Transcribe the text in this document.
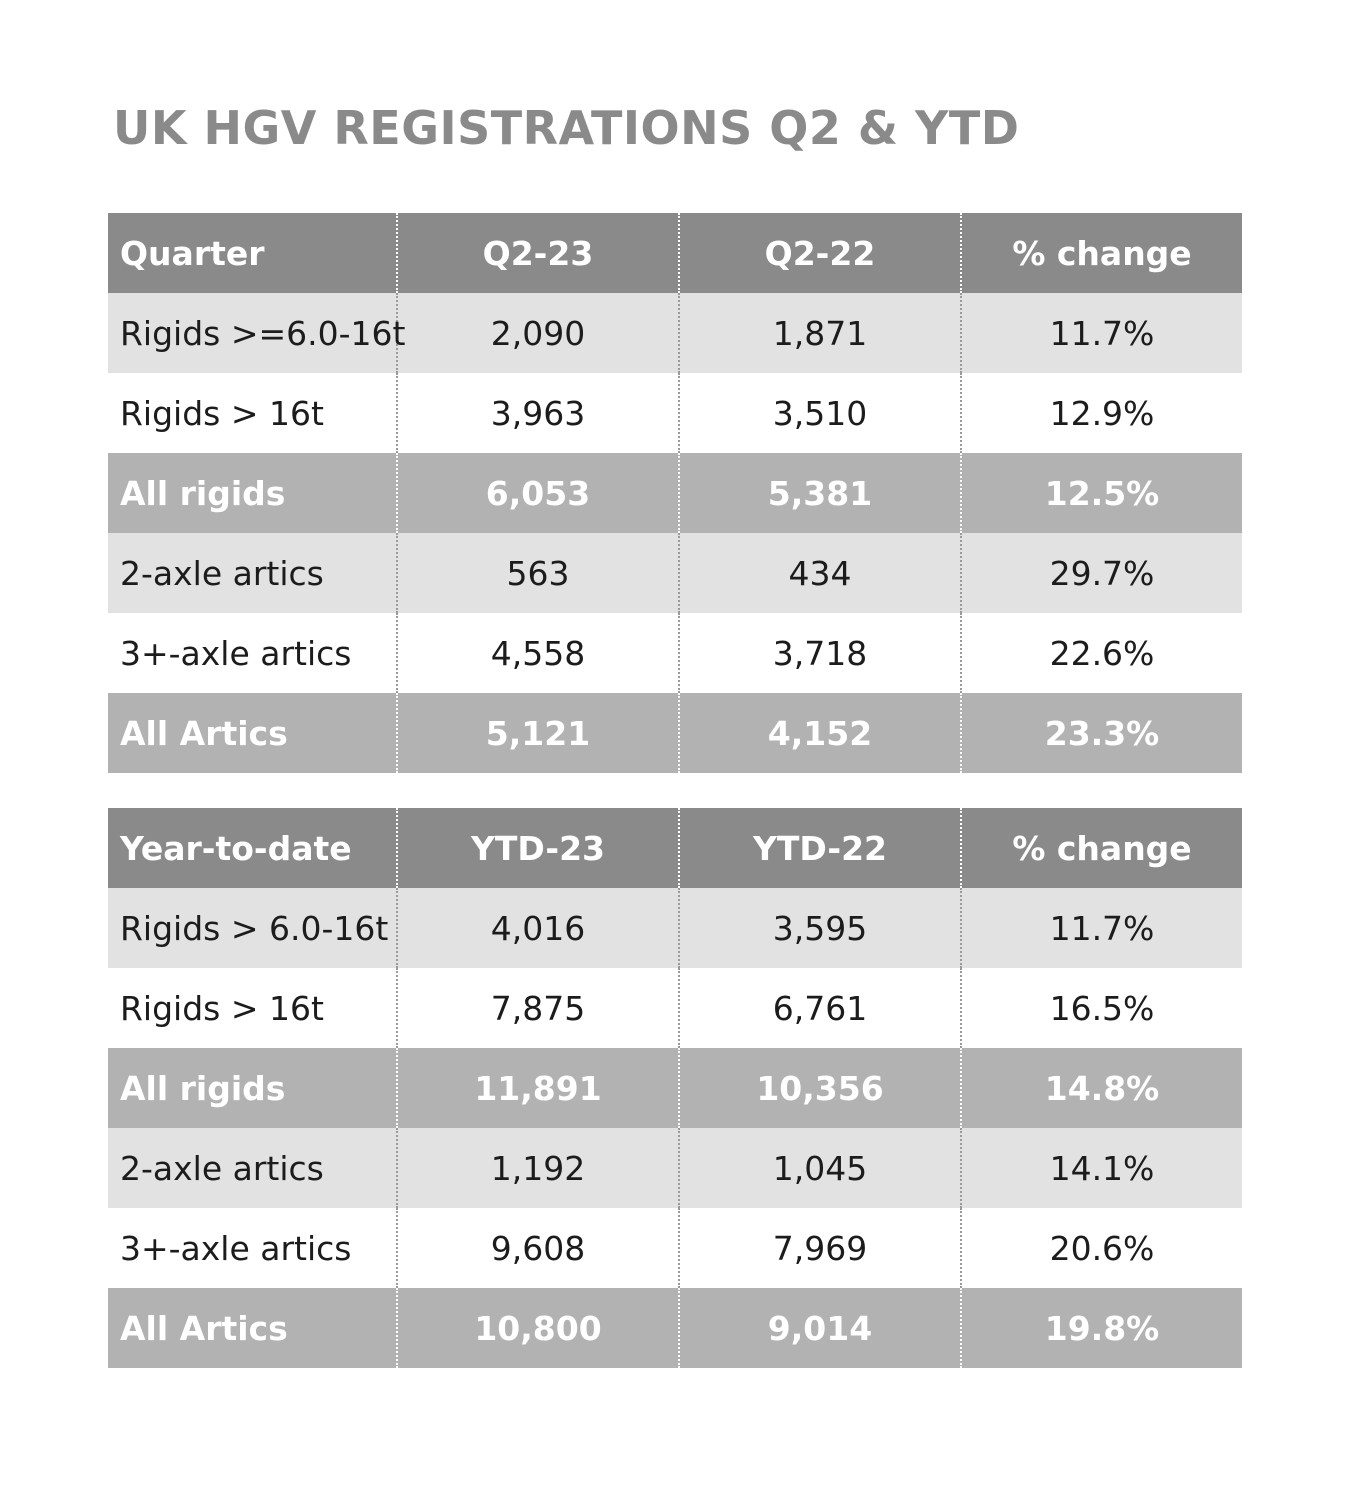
UK HGV REGISTRATIONS Q2 & YTD
Quarter	Q2-23	Q2-22	% change
Rigids >=6.0-16t	2,090	1,871	11.7%
Rigids > 16t	3,963	3,510	12.9%
All rigids	6,053	5,381	12.5%
2-axle artics	563	434	29.7%
3+-axle artics	4,558	3,718	22.6%
All Artics	5,121	4,152	23.3%
Year-to-date	YTD-23	YTD-22	% change
Rigids > 6.0-16t	4,016	3,595	11.7%
Rigids > 16t	7,875	6,761	16.5%
All rigids	11,891	10,356	14.8%
2-axle artics	1,192	1,045	14.1%
3+-axle artics	9,608	7,969	20.6%
All Artics	10,800	9,014	19.8%
